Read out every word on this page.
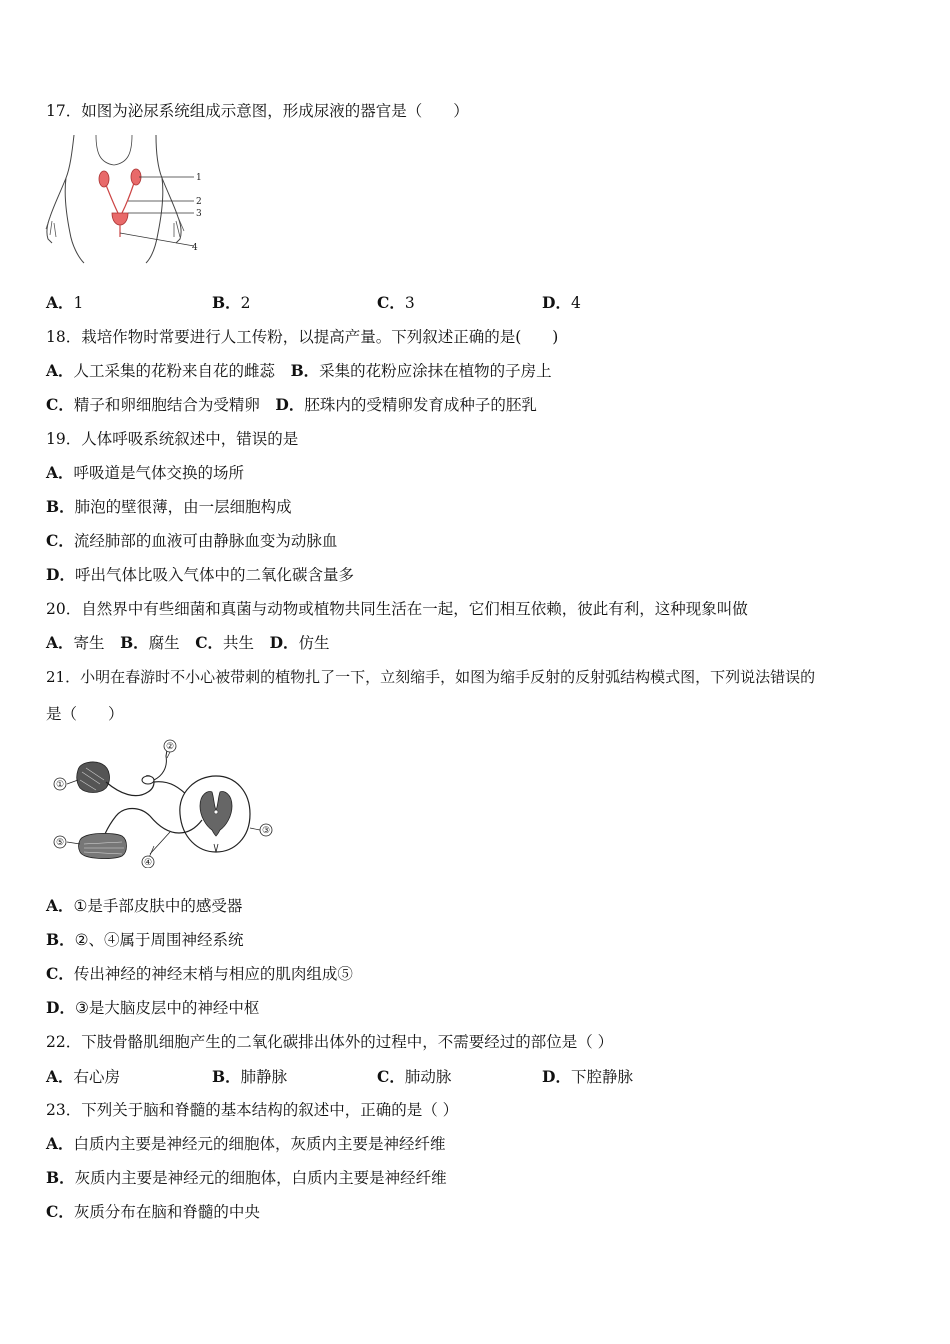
17．如图为泌尿系统组成示意图，形成尿液的器官是（　　）
1
2
3
4
A．1	B．2	C．3	D．4
18．栽培作物时常要进行人工传粉，以提高产量。下列叙述正确的是(　　)
A．人工采集的花粉来自花的雌蕊　 B．采集的花粉应涂抹在植物的子房上
C．精子和卵细胞结合为受精卵　 D．胚珠内的受精卵发育成种子的胚乳
19．人体呼吸系统叙述中，错误的是
A．呼吸道是气体交换的场所
B．肺泡的壁很薄，由一层细胞构成
C．流经肺部的血液可由静脉血变为动脉血
D．呼出气体比吸入气体中的二氧化碳含量多
20．自然界中有些细菌和真菌与动物或植物共同生活在一起，它们相互依赖，彼此有利，这种现象叫做
A．寄生　 B．腐生　 C．共生　 D．仿生
21．小明在春游时不小心被带刺的植物扎了一下，立刻缩手，如图为缩手反射的反射弧结构模式图，下列说法错误的
是（　　）
①
②
③
④
⑤
A．①是手部皮肤中的感受器
B．②、④属于周围神经系统
C．传出神经的神经末梢与相应的肌肉组成⑤
D．③是大脑皮层中的神经中枢
22．下肢骨骼肌细胞产生的二氧化碳排出体外的过程中，不需要经过的部位是（ ）
A．右心房	B．肺静脉	C．肺动脉	D．下腔静脉
23．下列关于脑和脊髓的基本结构的叙述中，正确的是（ ）
A．白质内主要是神经元的细胞体，灰质内主要是神经纤维
B．灰质内主要是神经元的细胞体，白质内主要是神经纤维
C．灰质分布在脑和脊髓的中央
